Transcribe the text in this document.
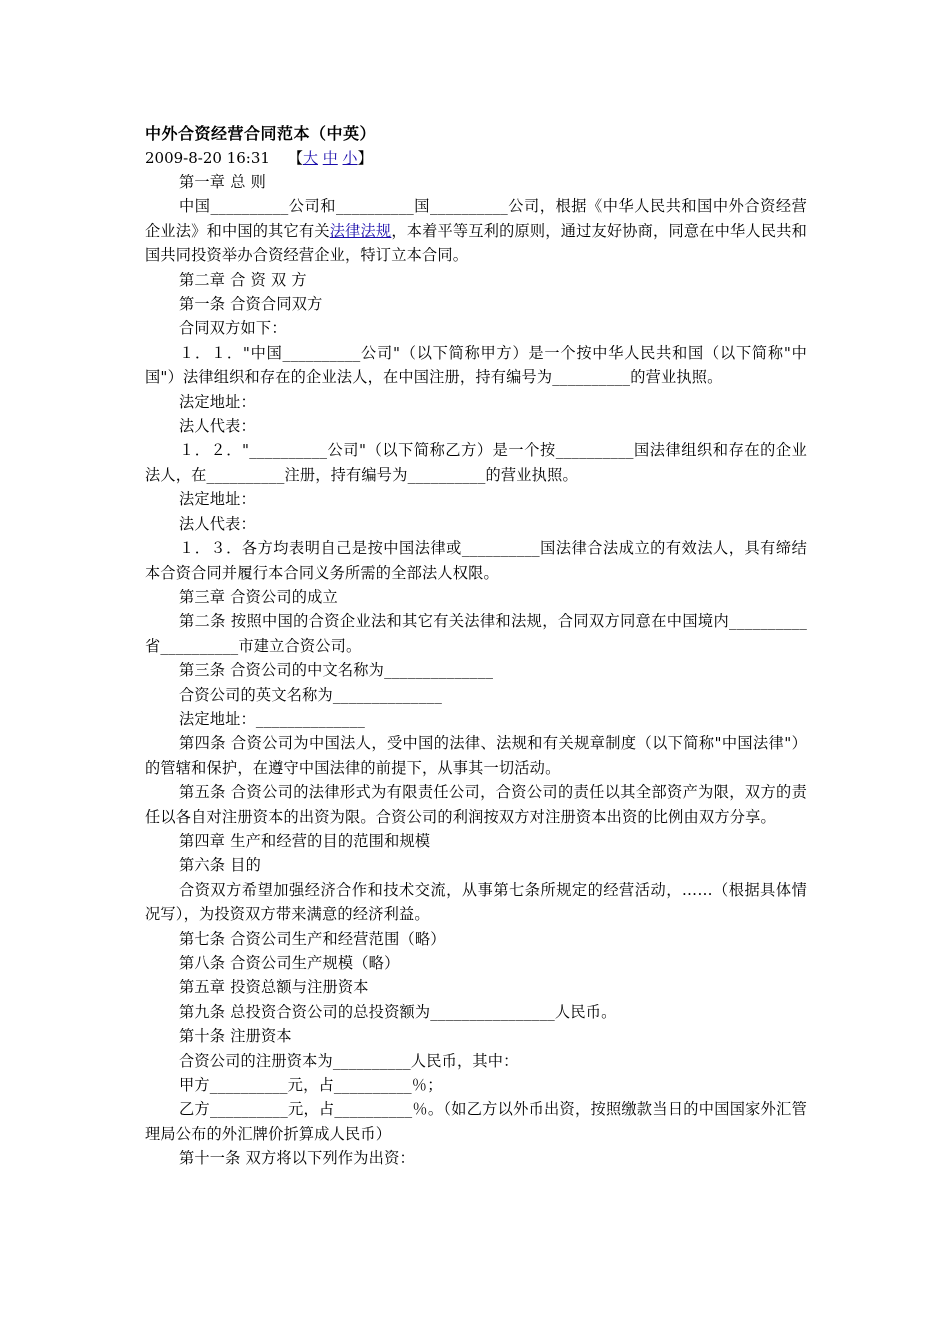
中外合资经营合同范本（中英）

2009-8-20 16:31 【大 中 小】

第一章 总 则

中国__________公司和__________国__________公司，根据《中华人民共和国中外合资经营企业法》和中国的其它有关法律法规，本着平等互利的原则，通过友好协商，同意在中华人民共和国共同投资举办合资经营企业，特订立本合同。

第二章 合 资 双 方

第一条 合资合同双方

合同双方如下：

１．１．"中国__________公司"（以下简称甲方）是一个按中华人民共和国（以下简称"中国"）法律组织和存在的企业法人，在中国注册，持有编号为__________的营业执照。

法定地址：

法人代表：

１．２．"__________公司"（以下简称乙方）是一个按__________国法律组织和存在的企业法人，在__________注册，持有编号为__________的营业执照。

法定地址：

法人代表：

１．３．各方均表明自己是按中国法律或__________国法律合法成立的有效法人，具有缔结本合资合同并履行本合同义务所需的全部法人权限。

第三章 合资公司的成立

第二条 按照中国的合资企业法和其它有关法律和法规，合同双方同意在中国境内__________省__________市建立合资公司。

第三条 合资公司的中文名称为______________

合资公司的英文名称为______________

法定地址：______________

第四条 合资公司为中国法人，受中国的法律、法规和有关规章制度（以下简称"中国法律"）的管辖和保护，在遵守中国法律的前提下，从事其一切活动。

第五条 合资公司的法律形式为有限责任公司，合资公司的责任以其全部资产为限，双方的责任以各自对注册资本的出资为限。合资公司的利润按双方对注册资本出资的比例由双方分享。

第四章 生产和经营的目的范围和规模

第六条 目的

合资双方希望加强经济合作和技术交流，从事第七条所规定的经营活动，……（根据具体情况写），为投资双方带来满意的经济利益。

第七条 合资公司生产和经营范围（略）

第八条 合资公司生产规模（略）

第五章 投资总额与注册资本

第九条 总投资合资公司的总投资额为________________人民币。

第十条 注册资本

合资公司的注册资本为__________人民币，其中：

甲方__________元，占__________％；

乙方__________元，占__________％。（如乙方以外币出资，按照缴款当日的中国国家外汇管理局公布的外汇牌价折算成人民币）

第十一条 双方将以下列作为出资：
